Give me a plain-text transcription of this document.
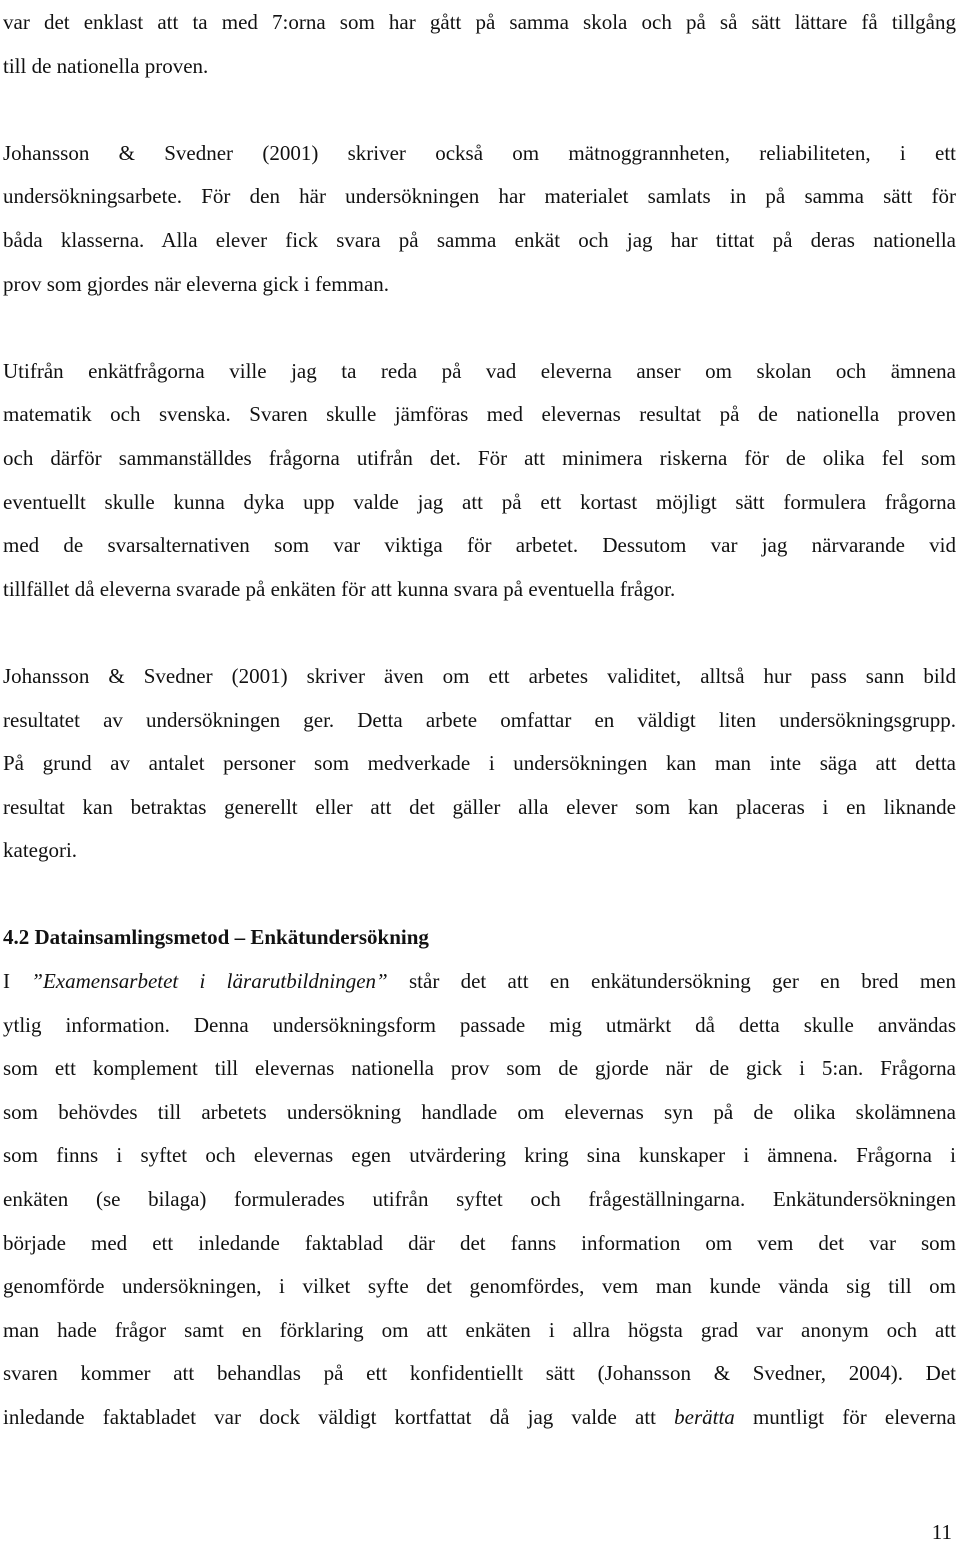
var det enklast att ta med 7:orna som har gått på samma skola och på så sätt lättare få tillgång
till de nationella proven.
Johansson & Svedner (2001) skriver också om mätnoggrannheten, reliabiliteten, i ett
undersökningsarbete. För den här undersökningen har materialet samlats in på samma sätt för
båda klasserna. Alla elever fick svara på samma enkät och jag har tittat på deras nationella
prov som gjordes när eleverna gick i femman.
Utifrån enkätfrågorna ville jag ta reda på vad eleverna anser om skolan och ämnena
matematik och svenska. Svaren skulle jämföras med elevernas resultat på de nationella proven
och därför sammanställdes frågorna utifrån det. För att minimera riskerna för de olika fel som
eventuellt skulle kunna dyka upp valde jag att på ett kortast möjligt sätt formulera frågorna
med de svarsalternativen som var viktiga för arbetet. Dessutom var jag närvarande vid
tillfället då eleverna svarade på enkäten för att kunna svara på eventuella frågor.
Johansson & Svedner (2001) skriver även om ett arbetes validitet, alltså hur pass sann bild
resultatet av undersökningen ger. Detta arbete omfattar en väldigt liten undersökningsgrupp.
På grund av antalet personer som medverkade i undersökningen kan man inte säga att detta
resultat kan betraktas generellt eller att det gäller alla elever som kan placeras i en liknande
kategori.
4.2 Datainsamlingsmetod – Enkätundersökning
I ”Examensarbetet i lärarutbildningen” står det att en enkätundersökning ger en bred men
ytlig information. Denna undersökningsform passade mig utmärkt då detta skulle användas
som ett komplement till elevernas nationella prov som de gjorde när de gick i 5:an. Frågorna
som behövdes till arbetets undersökning handlade om elevernas syn på de olika skolämnena
som finns i syftet och elevernas egen utvärdering kring sina kunskaper i ämnena. Frågorna i
enkäten (se bilaga) formulerades utifrån syftet och frågeställningarna. Enkätundersökningen
började med ett inledande faktablad där det fanns information om vem det var som
genomförde undersökningen, i vilket syfte det genomfördes, vem man kunde vända sig till om
man hade frågor samt en förklaring om att enkäten i allra högsta grad var anonym och att
svaren kommer att behandlas på ett konfidentiellt sätt (Johansson & Svedner, 2004). Det
inledande faktabladet var dock väldigt kortfattat då jag valde att berätta muntligt för eleverna
11
